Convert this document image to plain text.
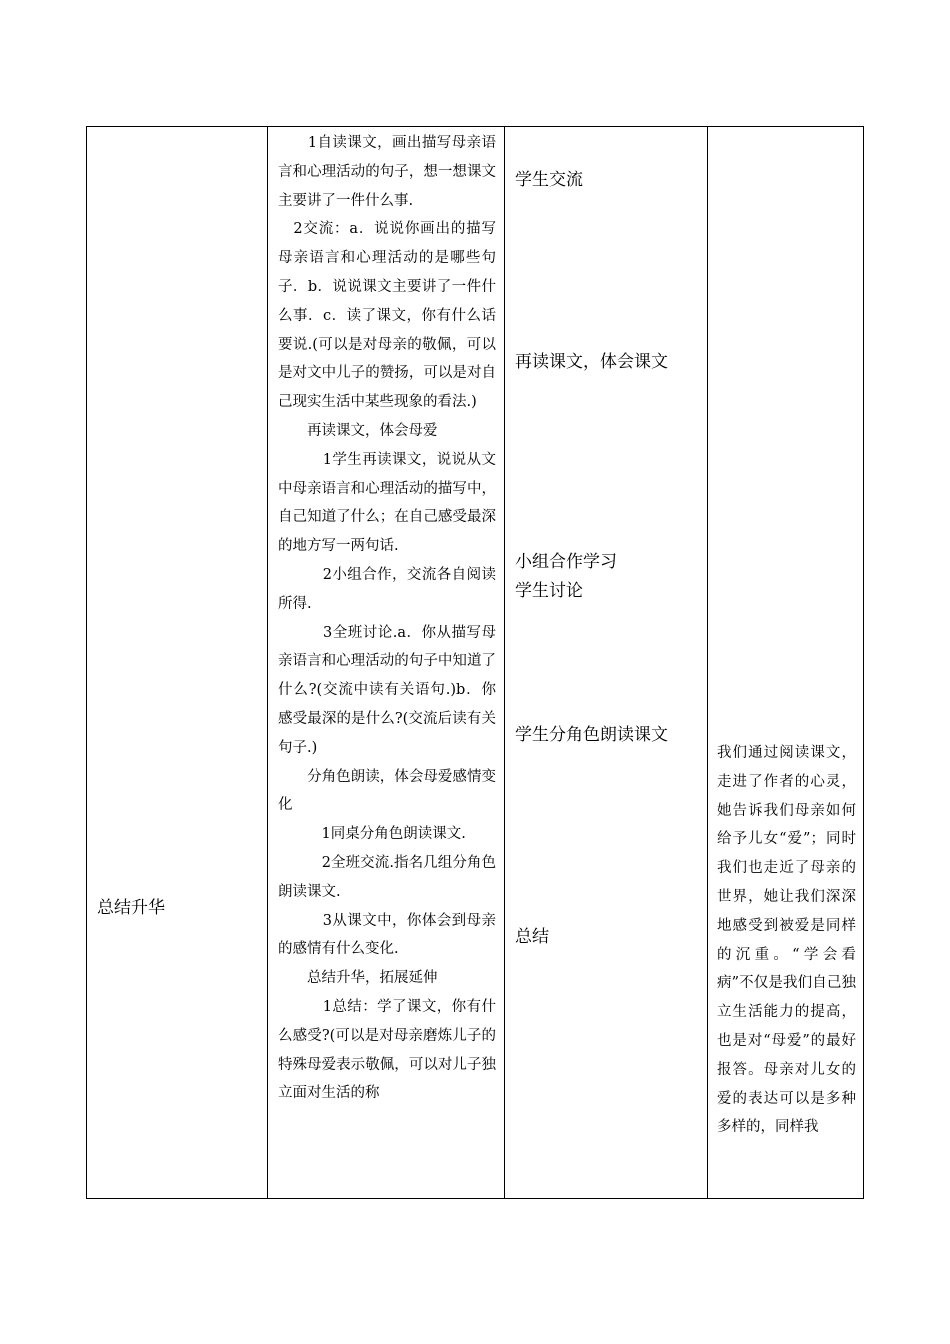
总结升华

　　1自读课文，画出描写母亲语言和心理活动的句子，想一想课文主要讲了一件什么事.

　2交流：a．说说你画出的描写母亲语言和心理活动的是哪些句子．b．说说课文主要讲了一件什么事．c．读了课文，你有什么话要说.(可以是对母亲的敬佩，可以是对文中儿子的赞扬，可以是对自己现实生活中某些现象的看法.)

　　再读课文，体会母爱

　　　1学生再读课文，说说从文中母亲语言和心理活动的描写中，自己知道了什么；在自己感受最深的地方写一两句话.

　　　2小组合作，交流各自阅读所得.

　　　3全班讨论.a．你从描写母亲语言和心理活动的句子中知道了什么?(交流中读有关语句.)b．你感受最深的是什么?(交流后读有关句子.)

　　分角色朗读，体会母爱感情变化

　　　1同桌分角色朗读课文.

　　　2全班交流.指名几组分角色朗读课文.

　　　3从课文中，你体会到母亲的感情有什么变化.

　　总结升华，拓展延伸

　　　1总结：学了课文，你有什么感受?(可以是对母亲磨炼儿子的特殊母爱表示敬佩，可以对儿子独立面对生活的称

学生交流
再读课文，体会课文
小组合作学习
学生讨论
学生分角色朗读课文
总结
我们通过阅读课文，走进了作者的心灵，她告诉我们母亲如何给予儿女“爱”；同时我们也走近了母亲的世界，她让我们深深地感受到被爱是同样的沉重。“学会看病”不仅是我们自己独立生活能力的提高，也是对“母爱”的最好报答。母亲对儿女的爱的表达可以是多种多样的，同样我
